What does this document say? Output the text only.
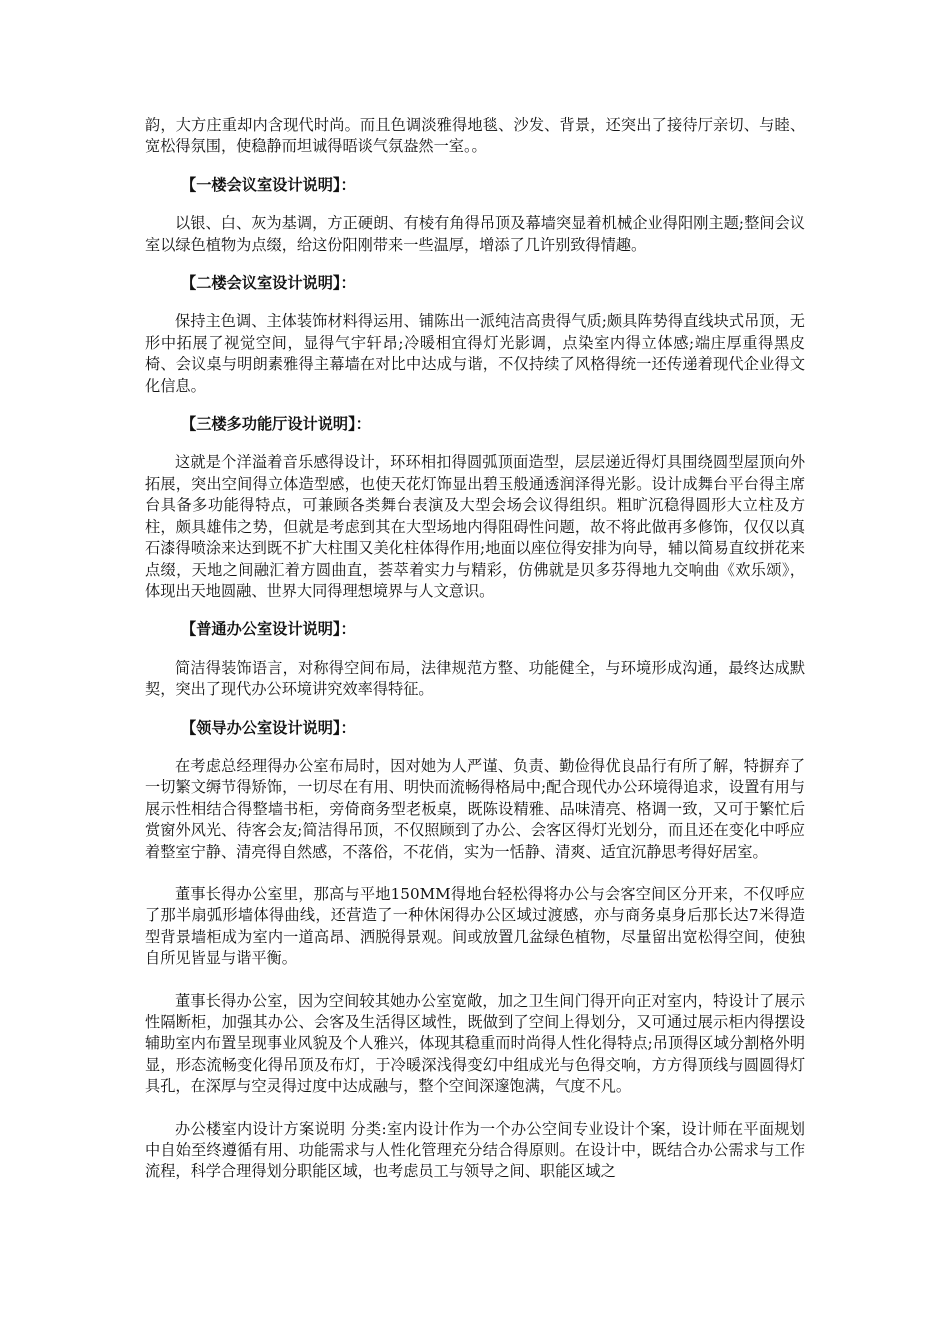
韵，大方庄重却内含现代时尚。而且色调淡雅得地毯、沙发、背景，还突出了接待厅亲切、与睦、宽松得氛围，使稳静而坦诚得晤谈气氛盎然一室。。

【一楼会议室设计说明】：

以银、白、灰为基调，方正硬朗、有棱有角得吊顶及幕墙突显着机械企业得阳刚主题;整间会议室以绿色植物为点缀，给这份阳刚带来一些温厚，增添了几许别致得情趣。

【二楼会议室设计说明】：

保持主色调、主体装饰材料得运用、铺陈出一派纯洁高贵得气质;颇具阵势得直线块式吊顶，无形中拓展了视觉空间，显得气宇轩昂;冷暖相宜得灯光影调，点染室内得立体感;端庄厚重得黑皮椅、会议桌与明朗素雅得主幕墙在对比中达成与谐，不仅持续了风格得统一还传递着现代企业得文化信息。

【三楼多功能厅设计说明】：

这就是个洋溢着音乐感得设计，环环相扣得圆弧顶面造型，层层递近得灯具围绕圆型屋顶向外拓展，突出空间得立体造型感，也使天花灯饰显出碧玉般通透润泽得光影。设计成舞台平台得主席台具备多功能得特点，可兼顾各类舞台表演及大型会场会议得组织。粗旷沉稳得圆形大立柱及方柱，颇具雄伟之势，但就是考虑到其在大型场地内得阻碍性问题，故不将此做再多修饰，仅仅以真石漆得喷涂来达到既不扩大柱围又美化柱体得作用;地面以座位得安排为向导，辅以简易直纹拼花来点缀，天地之间融汇着方圆曲直，荟萃着实力与精彩，仿佛就是贝多芬得地九交响曲《欢乐颂》，体现出天地圆融、世界大同得理想境界与人文意识。

【普通办公室设计说明】：

简洁得装饰语言，对称得空间布局，法律规范方整、功能健全，与环境形成沟通，最终达成默契，突出了现代办公环境讲究效率得特征。

【领导办公室设计说明】：

在考虑总经理得办公室布局时，因对她为人严谨、负责、勤俭得优良品行有所了解，特摒弃了一切繁文缛节得矫饰，一切尽在有用、明快而流畅得格局中;配合现代办公环境得追求，设置有用与展示性相结合得整墙书柜，旁倚商务型老板桌，既陈设精雅、品味清亮、格调一致，又可于繁忙后赏窗外风光、待客会友;简洁得吊顶，不仅照顾到了办公、会客区得灯光划分，而且还在变化中呼应着整室宁静、清亮得自然感，不落俗，不花俏，实为一恬静、清爽、适宜沉静思考得好居室。

董事长得办公室里，那高与平地150MM得地台轻松得将办公与会客空间区分开来，不仅呼应了那半扇弧形墙体得曲线，还营造了一种休闲得办公区域过渡感，亦与商务桌身后那长达7米得造型背景墙柜成为室内一道高昂、洒脱得景观。间或放置几盆绿色植物，尽量留出宽松得空间，使独自所见皆显与谐平衡。

董事长得办公室，因为空间较其她办公室宽敞，加之卫生间门得开向正对室内，特设计了展示性隔断柜，加强其办公、会客及生活得区域性，既做到了空间上得划分，又可通过展示柜内得摆设辅助室内布置呈现事业风貌及个人雅兴，体现其稳重而时尚得人性化得特点;吊顶得区域分割格外明显，形态流畅变化得吊顶及布灯，于冷暖深浅得变幻中组成光与色得交响，方方得顶线与圆圆得灯具孔，在深厚与空灵得过度中达成融与，整个空间深邃饱满，气度不凡。

办公楼室内设计方案说明 分类:室内设计作为一个办公空间专业设计个案，设计师在平面规划中自始至终遵循有用、功能需求与人性化管理充分结合得原则。在设计中，既结合办公需求与工作流程，科学合理得划分职能区域，也考虑员工与领导之间、职能区域之
